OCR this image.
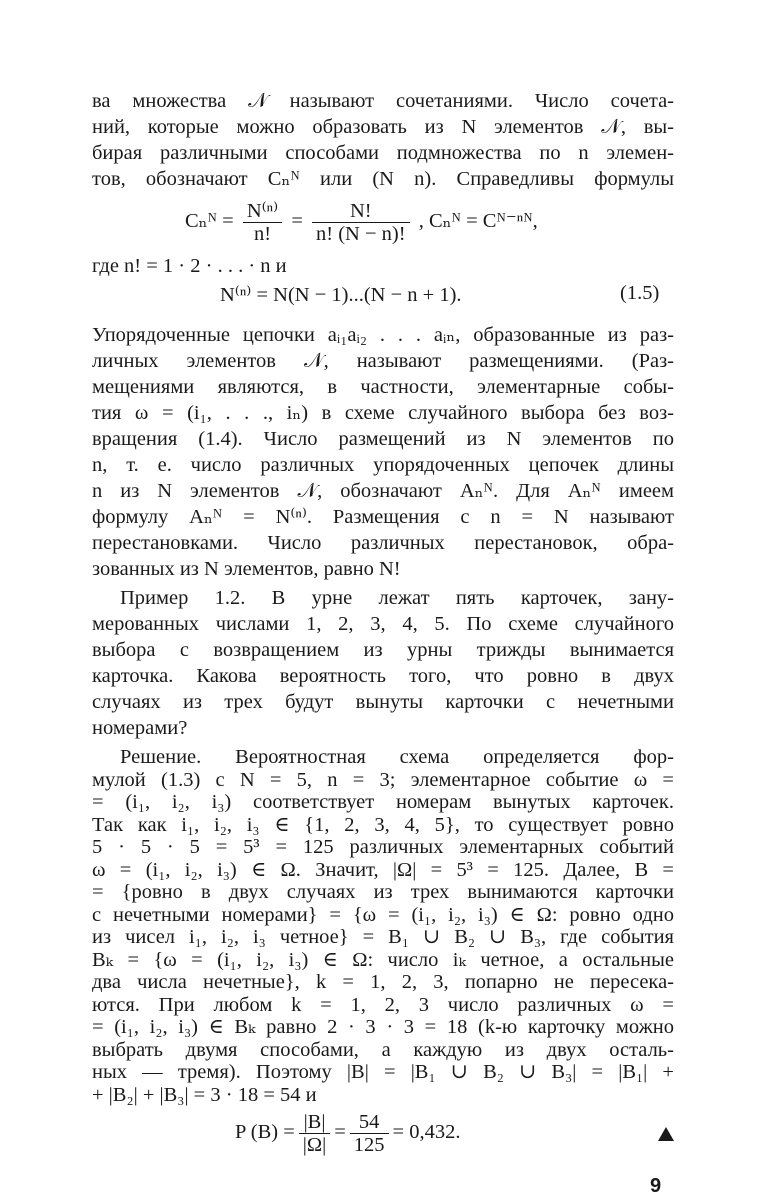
ва множества 𝒩 называют сочетаниями. Число сочета-
ний, которые можно образовать из N элементов 𝒩, вы-
бирая различными способами подмножества по n элемен-
тов, обозначают Cₙᴺ или (N n). Справедливы формулы
Cₙᴺ = $\frac{\text{N⁽ⁿ⁾}}{n!} = \frac{N!}{n! (N - n)!}$ , Cₙᴺ = Cᴺ⁻ⁿᴺ,
где n! = 1 · 2 · . . . · n и
N⁽ⁿ⁾ = N(N − 1)...(N − n + 1).	(1.5)
Упорядоченные цепочки aᵢ₁aᵢ₂ . . . aᵢₙ, образованные из раз-
личных элементов 𝒩, называют размещениями. (Раз-
мещениями являются, в частности, элементарные собы-
тия ω = (i₁, . . ., iₙ) в схеме случайного выбора без воз-
вращения (1.4). Число размещений из N элементов по
n, т. е. число различных упорядоченных цепочек длины
n из N элементов 𝒩, обозначают Aₙᴺ. Для Aₙᴺ имеем
формулу Aₙᴺ = N⁽ⁿ⁾. Размещения с n = N называют
перестановками. Число различных перестановок, обра-
зованных из N элементов, равно N!
Пример 1.2. В урне лежат пять карточек, зану-
мерованных числами 1, 2, 3, 4, 5. По схеме случайного
выбора с возвращением из урны трижды вынимается
карточка. Какова вероятность того, что ровно в двух
случаях из трех будут вынуты карточки с нечетными
номерами?
Решение. Вероятностная схема определяется фор-
мулой (1.3) с N = 5, n = 3; элементарное событие ω =
= (i₁, i₂, i₃) соответствует номерам вынутых карточек.
Так как i₁, i₂, i₃ ∈ {1, 2, 3, 4, 5}, то существует ровно
5 · 5 · 5 = 5³ = 125 различных элементарных событий
ω = (i₁, i₂, i₃) ∈ Ω. Значит, |Ω| = 5³ = 125. Далее, B =
= {ровно в двух случаях из трех вынимаются карточки
с нечетными номерами} = {ω = (i₁, i₂, i₃) ∈ Ω: ровно одно
из чисел i₁, i₂, i₃ четное} = B₁ ∪ B₂ ∪ B₃, где события
Bₖ = {ω = (i₁, i₂, i₃) ∈ Ω: число iₖ четное, а остальные
два числа нечетные}, k = 1, 2, 3, попарно не пересека-
ются. При любом k = 1, 2, 3 число различных ω =
= (i₁, i₂, i₃) ∈ Bₖ равно 2 · 3 · 3 = 18 (k-ю карточку можно
выбрать двумя способами, а каждую из двух осталь-
ных — тремя). Поэтому |B| = |B₁ ∪ B₂ ∪ B₃| = |B₁| +
+ |B₂| + |B₃| = 3 · 18 = 54 и
9
P $(B) = \frac{|B|}{|\Omega|} = \frac{54}{125} = 0,432$.
